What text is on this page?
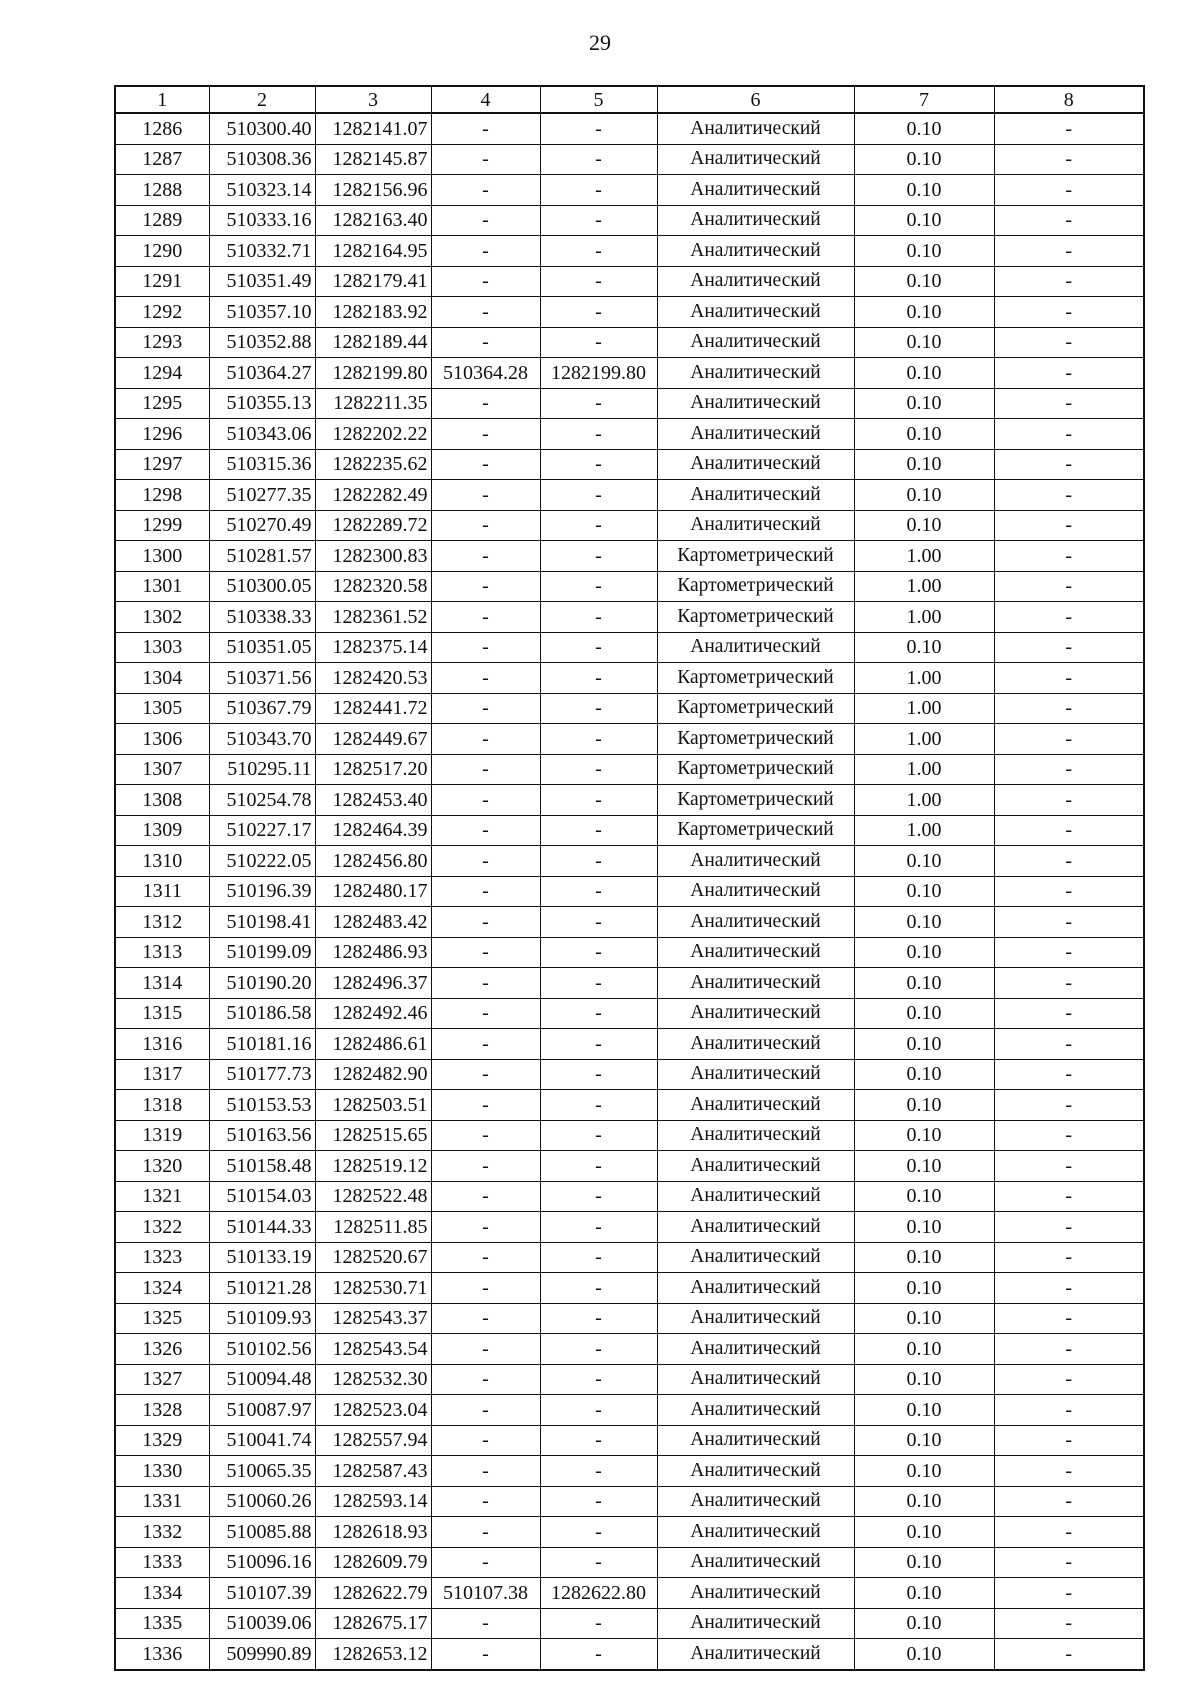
29
1	2	3	4	5	6	7	8
1286	510300.40	1282141.07	-	-	Аналитический	0.10	-
1287	510308.36	1282145.87	-	-	Аналитический	0.10	-
1288	510323.14	1282156.96	-	-	Аналитический	0.10	-
1289	510333.16	1282163.40	-	-	Аналитический	0.10	-
1290	510332.71	1282164.95	-	-	Аналитический	0.10	-
1291	510351.49	1282179.41	-	-	Аналитический	0.10	-
1292	510357.10	1282183.92	-	-	Аналитический	0.10	-
1293	510352.88	1282189.44	-	-	Аналитический	0.10	-
1294	510364.27	1282199.80	510364.28	1282199.80	Аналитический	0.10	-
1295	510355.13	1282211.35	-	-	Аналитический	0.10	-
1296	510343.06	1282202.22	-	-	Аналитический	0.10	-
1297	510315.36	1282235.62	-	-	Аналитический	0.10	-
1298	510277.35	1282282.49	-	-	Аналитический	0.10	-
1299	510270.49	1282289.72	-	-	Аналитический	0.10	-
1300	510281.57	1282300.83	-	-	Картометрический	1.00	-
1301	510300.05	1282320.58	-	-	Картометрический	1.00	-
1302	510338.33	1282361.52	-	-	Картометрический	1.00	-
1303	510351.05	1282375.14	-	-	Аналитический	0.10	-
1304	510371.56	1282420.53	-	-	Картометрический	1.00	-
1305	510367.79	1282441.72	-	-	Картометрический	1.00	-
1306	510343.70	1282449.67	-	-	Картометрический	1.00	-
1307	510295.11	1282517.20	-	-	Картометрический	1.00	-
1308	510254.78	1282453.40	-	-	Картометрический	1.00	-
1309	510227.17	1282464.39	-	-	Картометрический	1.00	-
1310	510222.05	1282456.80	-	-	Аналитический	0.10	-
1311	510196.39	1282480.17	-	-	Аналитический	0.10	-
1312	510198.41	1282483.42	-	-	Аналитический	0.10	-
1313	510199.09	1282486.93	-	-	Аналитический	0.10	-
1314	510190.20	1282496.37	-	-	Аналитический	0.10	-
1315	510186.58	1282492.46	-	-	Аналитический	0.10	-
1316	510181.16	1282486.61	-	-	Аналитический	0.10	-
1317	510177.73	1282482.90	-	-	Аналитический	0.10	-
1318	510153.53	1282503.51	-	-	Аналитический	0.10	-
1319	510163.56	1282515.65	-	-	Аналитический	0.10	-
1320	510158.48	1282519.12	-	-	Аналитический	0.10	-
1321	510154.03	1282522.48	-	-	Аналитический	0.10	-
1322	510144.33	1282511.85	-	-	Аналитический	0.10	-
1323	510133.19	1282520.67	-	-	Аналитический	0.10	-
1324	510121.28	1282530.71	-	-	Аналитический	0.10	-
1325	510109.93	1282543.37	-	-	Аналитический	0.10	-
1326	510102.56	1282543.54	-	-	Аналитический	0.10	-
1327	510094.48	1282532.30	-	-	Аналитический	0.10	-
1328	510087.97	1282523.04	-	-	Аналитический	0.10	-
1329	510041.74	1282557.94	-	-	Аналитический	0.10	-
1330	510065.35	1282587.43	-	-	Аналитический	0.10	-
1331	510060.26	1282593.14	-	-	Аналитический	0.10	-
1332	510085.88	1282618.93	-	-	Аналитический	0.10	-
1333	510096.16	1282609.79	-	-	Аналитический	0.10	-
1334	510107.39	1282622.79	510107.38	1282622.80	Аналитический	0.10	-
1335	510039.06	1282675.17	-	-	Аналитический	0.10	-
1336	509990.89	1282653.12	-	-	Аналитический	0.10	-
